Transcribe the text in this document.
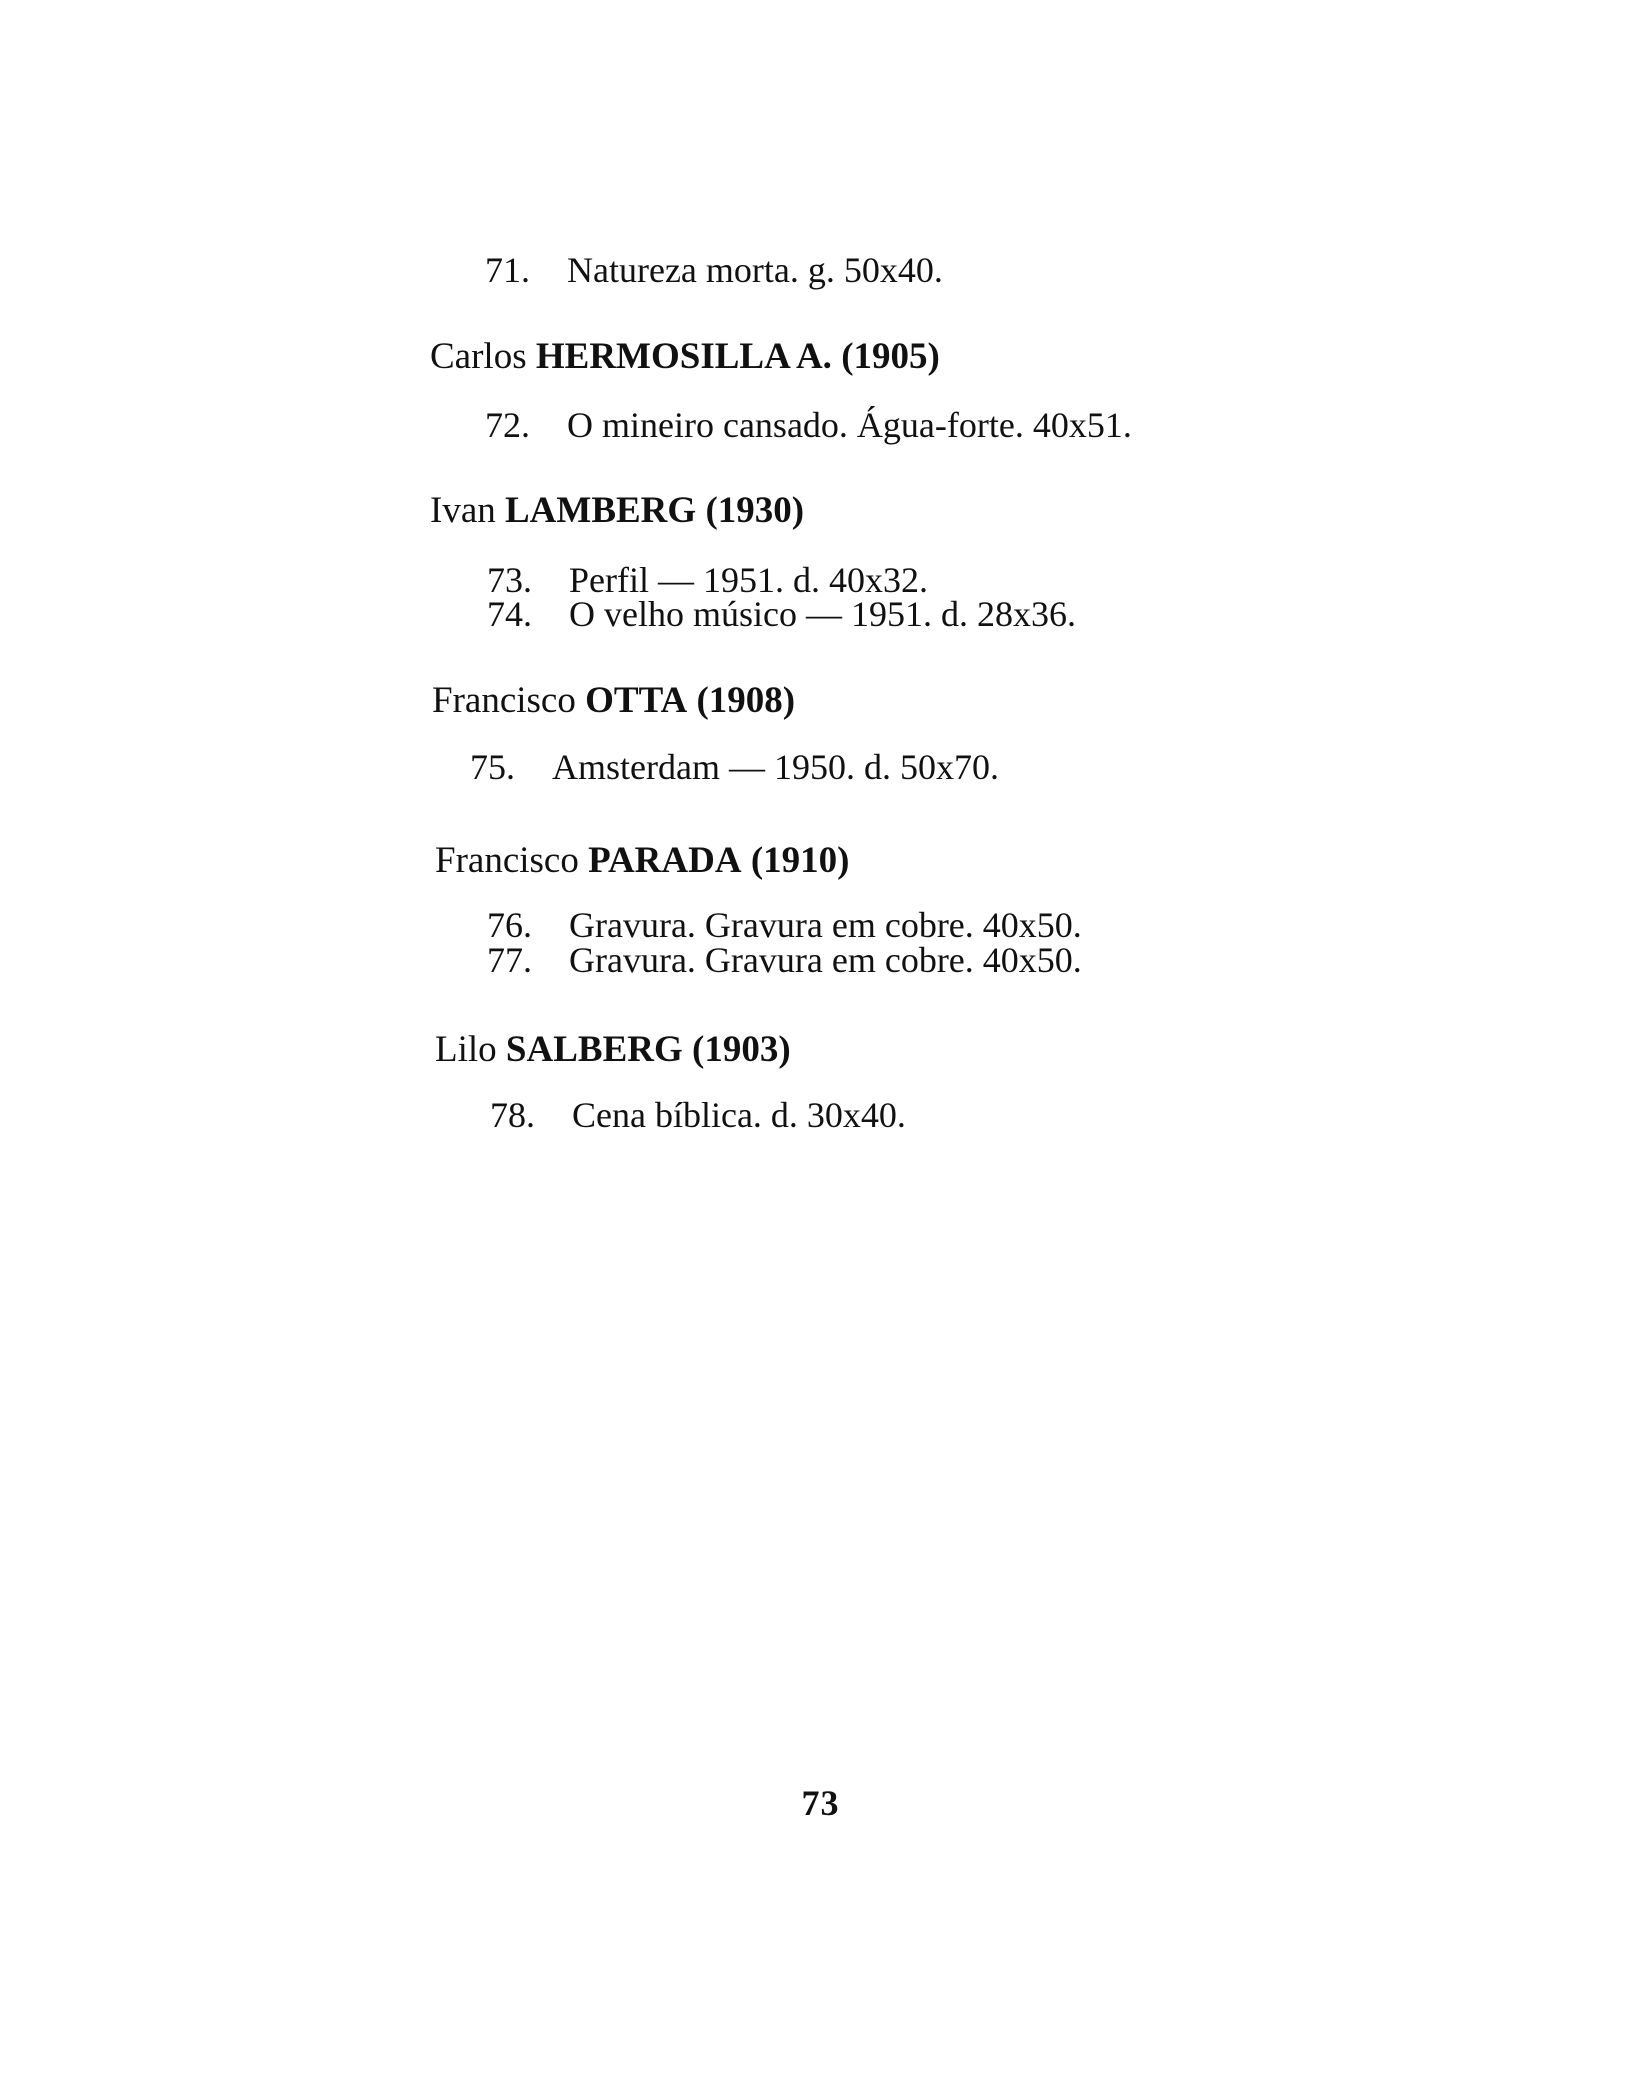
71. Natureza morta. g. 50x40.
Carlos HERMOSILLA A. (1905)
72. O mineiro cansado. Água-forte. 40x51.
Ivan LAMBERG (1930)
73. Perfil — 1951. d. 40x32.
74. O velho músico — 1951. d. 28x36.
Francisco OTTA (1908)
75. Amsterdam — 1950. d. 50x70.
Francisco PARADA (1910)
76. Gravura. Gravura em cobre. 40x50.
77. Gravura. Gravura em cobre. 40x50.
Lilo SALBERG (1903)
78. Cena bíblica. d. 30x40.
73
